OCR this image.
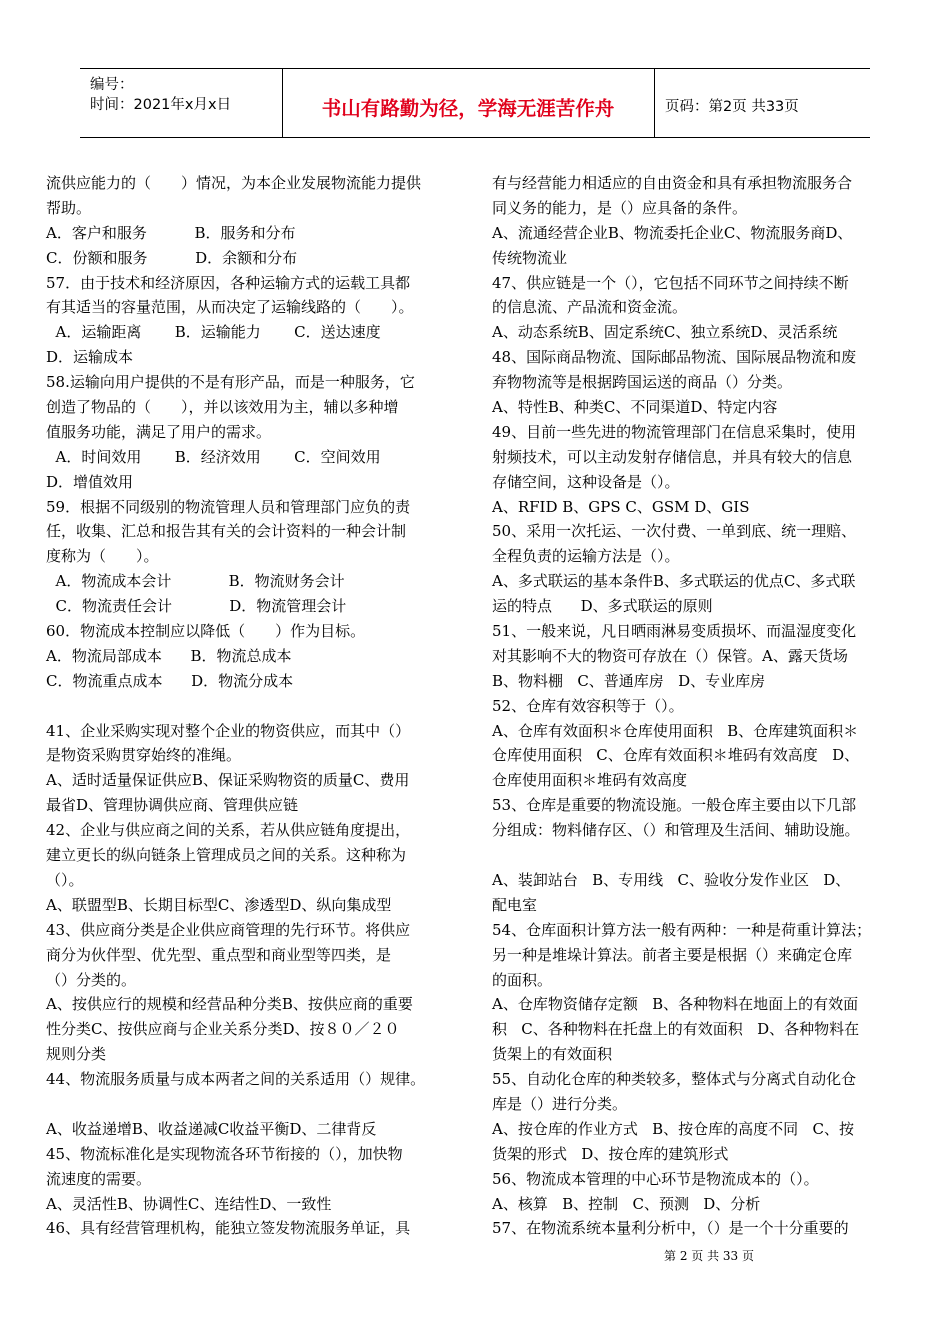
编号：
时间：2021年x月x日	书山有路勤为径，学海无涯苦作舟	页码：第2页 共33页
流供应能力的（　　）情况，为本企业发展物流能力提供
帮助。
A．客户和服务          B．服务和分布
C．份额和服务          D．余额和分布
57．由于技术和经济原因，各种运输方式的运载工具都
有其适当的容量范围，从而决定了运输线路的（　　）。
A．运输距离       B．运输能力       C．送达速度
D．运输成本
58.运输向用户提供的不是有形产品，而是一种服务，它
创造了物品的（　　），并以该效用为主，辅以多种增
值服务功能，满足了用户的需求。
A．时间效用       B．经济效用       C．空间效用
D．增值效用
59．根据不同级别的物流管理人员和管理部门应负的责
任，收集、汇总和报告其有关的会计资料的一种会计制
度称为（　　）。
A．物流成本会计            B．物流财务会计
C．物流责任会计            D．物流管理会计
60．物流成本控制应以降低（　　）作为目标。
A．物流局部成本      B．物流总成本
C．物流重点成本      D．物流分成本
41、企业采购实现对整个企业的物资供应，而其中（）
是物资采购贯穿始终的准绳。
A、适时适量保证供应B、保证采购物资的质量C、费用
最省D、管理协调供应商、管理供应链
42、企业与供应商之间的关系，若从供应链角度提出，
建立更长的纵向链条上管理成员之间的关系。这种称为
（）。
A、联盟型B、长期目标型C、渗透型D、纵向集成型
43、供应商分类是企业供应商管理的先行环节。将供应
商分为伙伴型、优先型、重点型和商业型等四类，是
（）分类的。
A、按供应行的规模和经营品种分类B、按供应商的重要
性分类C、按供应商与企业关系分类D、按８０／２０
规则分类
44、物流服务质量与成本两者之间的关系适用（）规律。
A、收益递增B、收益递减C收益平衡D、二律背反
45、物流标准化是实现物流各环节衔接的（），加快物
流速度的需要。
A、灵活性B、协调性C、连结性D、一致性
46、具有经营管理机构，能独立签发物流服务单证，具
有与经营能力相适应的自由资金和具有承担物流服务合
同义务的能力，是（）应具备的条件。
A、流通经营企业B、物流委托企业C、物流服务商D、
传统物流业
47、供应链是一个（），它包括不同环节之间持续不断
的信息流、产品流和资金流。
A、动态系统B、固定系统C、独立系统D、灵活系统
48、国际商品物流、国际邮品物流、国际展品物流和废
弃物物流等是根据跨国运送的商品（）分类。
A、特性B、种类C、不同渠道D、特定内容
49、目前一些先进的物流管理部门在信息采集时，使用
射频技术，可以主动发射存储信息，并具有较大的信息
存储空间，这种设备是（）。
A、RFID B、GPS C、GSM D、GIS
50、采用一次托运、一次付费、一单到底、统一理赔、
全程负责的运输方法是（）。
A、多式联运的基本条件B、多式联运的优点C、多式联
运的特点      D、多式联运的原则
51、一般来说，凡日晒雨淋易变质损坏、而温湿度变化
对其影响不大的物资可存放在（）保管。A、露天货场
B、物料棚   C、普通库房   D、专业库房
52、仓库有效容积等于（）。
A、仓库有效面积＊仓库使用面积   B、仓库建筑面积＊
仓库使用面积   C、仓库有效面积＊堆码有效高度   D、
仓库使用面积＊堆码有效高度
53、仓库是重要的物流设施。一般仓库主要由以下几部
分组成：物料储存区、（）和管理及生活间、辅助设施。
A、装卸站台   B、专用线   C、验收分发作业区   D、
配电室
54、仓库面积计算方法一般有两种：一种是荷重计算法；
另一种是堆垛计算法。前者主要是根据（）来确定仓库
的面积。
A、仓库物资储存定额   B、各种物料在地面上的有效面
积   C、各种物料在托盘上的有效面积   D、各种物料在
货架上的有效面积
55、自动化仓库的种类较多，整体式与分离式自动化仓
库是（）进行分类。
A、按仓库的作业方式   B、按仓库的高度不同   C、按
货架的形式   D、按仓库的建筑形式
56、物流成本管理的中心环节是物流成本的（）。
A、核算   B、控制   C、预测   D、分析
57、在物流系统本量利分析中，（）是一个十分重要的
第 2 页 共 33 页
